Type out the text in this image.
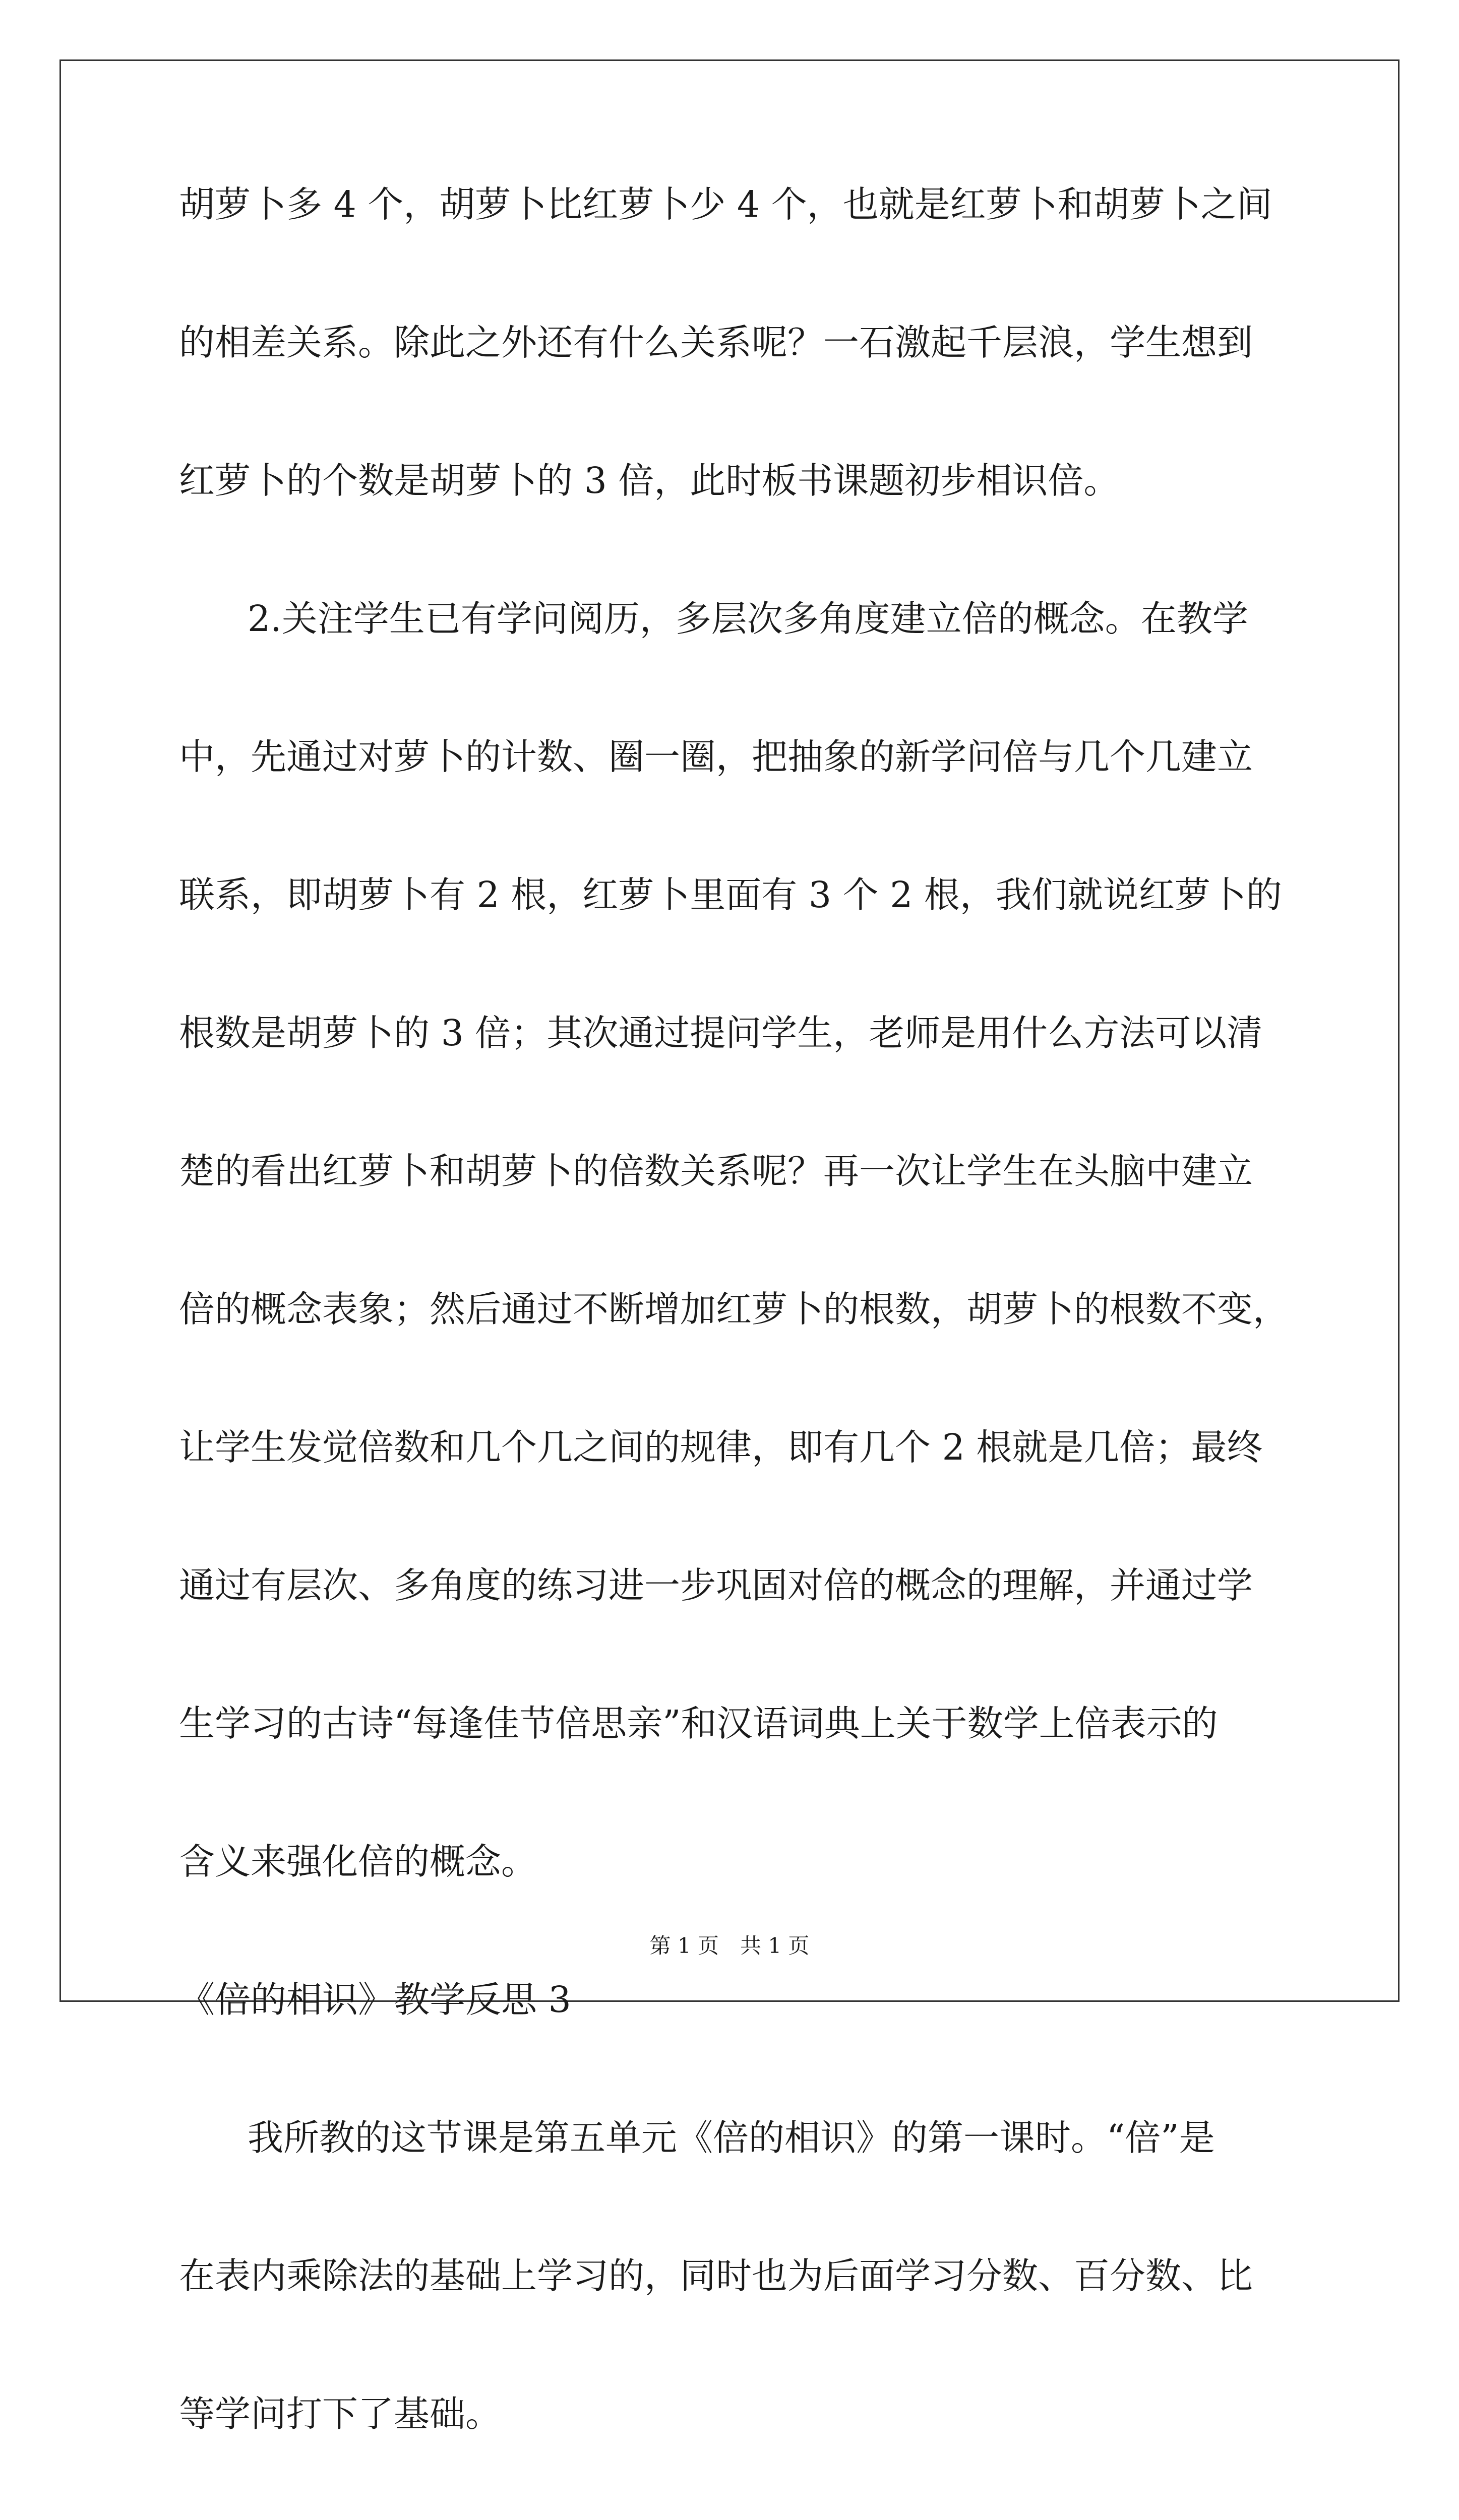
胡萝卜多 4 个，胡萝卜比红萝卜少 4 个，也就是红萝卜和胡萝卜之间
的相差关系。除此之外还有什么关系呢？一石激起千层浪，学生想到
红萝卜的个数是胡萝卜的 3 倍，此时板书课题初步相识倍。
2.关注学生已有学问阅历，多层次多角度建立倍的概念。在教学
中，先通过对萝卜的计数、圈一圈，把抽象的新学问倍与几个几建立
联系，即胡萝卜有 2 根，红萝卜里面有 3 个 2 根，我们就说红萝卜的
根数是胡萝卜的 3 倍；其次通过提问学生，老师是用什么方法可以清
楚的看出红萝卜和胡萝卜的倍数关系呢？再一次让学生在头脑中建立
倍的概念表象；然后通过不断增加红萝卜的根数，胡萝卜的根数不变，
让学生发觉倍数和几个几之间的规律，即有几个 2 根就是几倍；最终
通过有层次、多角度的练习进一步巩固对倍的概念的理解，并通过学
生学习的古诗“每逢佳节倍思亲”和汉语词典上关于数学上倍表示的
含义来强化倍的概念。
《倍的相识》教学反思 3
我所教的这节课是第五单元《倍的相识》的第一课时。“倍”是
在表内乘除法的基础上学习的，同时也为后面学习分数、百分数、比
等学问打下了基础。
第 1 页　共 1 页
